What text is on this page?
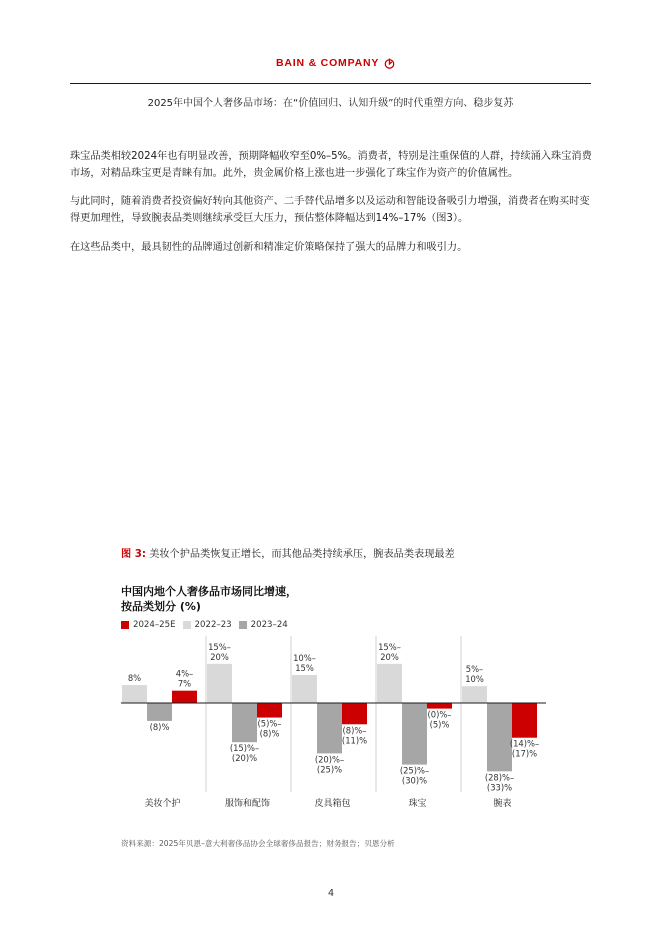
BAIN & COMPANY
2025年中国个人奢侈品市场：在“价值回归、认知升级”的时代重塑方向、稳步复苏

珠宝品类相较2024年也有明显改善，预期降幅收窄至0%–5%。消费者，特别是注重保值的人群，持续涌入珠宝消费市场，对精品珠宝更是青睐有加。此外，贵金属价格上涨也进一步强化了珠宝作为资产的价值属性。

与此同时，随着消费者投资偏好转向其他资产、二手替代品增多以及运动和智能设备吸引力增强，消费者在购买时变得更加理性，导致腕表品类则继续承受巨大压力，预估整体降幅达到14%–17%（图3）。

在这些品类中，最具韧性的品牌通过创新和精准定价策略保持了强大的品牌力和吸引力。

图 3: 美妆个护品类恢复正增长，而其他品类持续承压，腕表品类表现最差
中国内地个人奢侈品市场同比增速，
按品类划分 (%)
2024–25E 2022–23 2023–24
8%
(8)%
4%–
7%
美妆个护
15%–
20%
(15)%–
(20)%
(5)%–
(8)%
服饰和配饰
10%–
15%
(20)%–
(25)%
(8)%–
(11)%
皮具箱包
15%–
20%
(25)%–
(30)%
(0)%–
(5)%
珠宝
5%–
10%
(28)%–
(33)%
(14)%–
(17)%
腕表
资料来源：2025年贝恩–意大利奢侈品协会全球奢侈品报告；财务报告；贝恩分析
4
